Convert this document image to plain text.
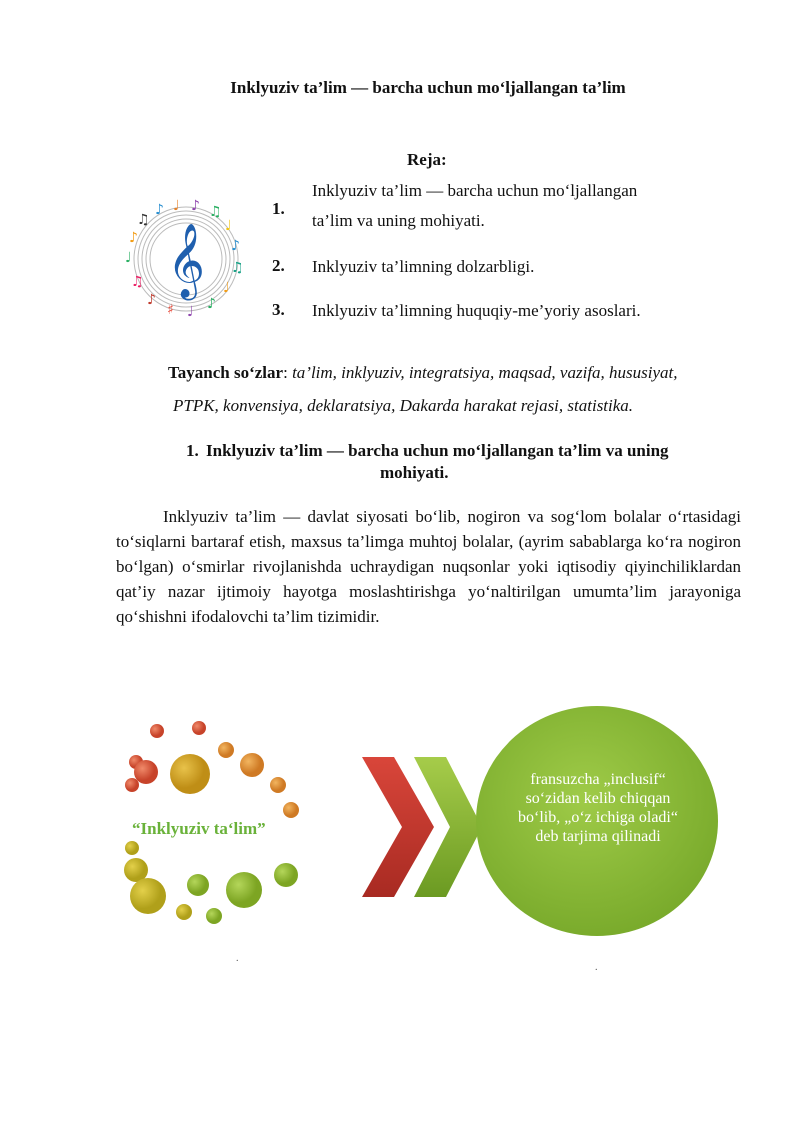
Inklyuziv ta’lim — barcha uchun mo‘ljallangan ta’lim
♫
♪ ♩ ♪ ♫
♩
♪
♫
♩
♪
♩
♯
♪
♫
♩
♪ 𝄞
Reja:
1.
Inklyuziv ta’lim — barcha uchun mo‘ljallangan
ta’lim va uning mohiyati.
2. Inklyuziv ta’limning dolzarbligi.
3. Inklyuziv ta’limning huquqiy-me’yoriy asoslari.
Tayanch so‘zlar: ta’lim, inklyuziv, integratsiya, maqsad, vazifa, hususiyat,
PTPK, konvensiya, deklaratsiya, Dakarda harakat rejasi, statistika.
1. Inklyuziv ta’lim — barcha uchun mo‘ljallangan ta’lim va uning
mohiyati.
Inklyuziv ta’lim — davlat siyosati bo‘lib, nogiron va sog‘lom bolalar o‘rtasidagi to‘siqlarni bartaraf etish, maxsus ta’limga muhtoj bolalar, (ayrim sabablarga ko‘ra nogiron bo‘lgan) o‘smirlar rivojlanishda uchraydigan nuqsonlar yoki iqtisodiy qiyinchiliklardan qat’iy nazar ijtimoiy hayotga moslashtirishga yo‘naltirilgan umumta’lim jarayoniga qo‘shishni ifodalovchi ta’lim tizimidir.
“Inklyuziv ta‘lim”
fransuzcha „inclusif“ so‘zidan kelib chiqqan bo‘lib, „o‘z ichiga oladi“ deb tarjima qilinadi
.
.
